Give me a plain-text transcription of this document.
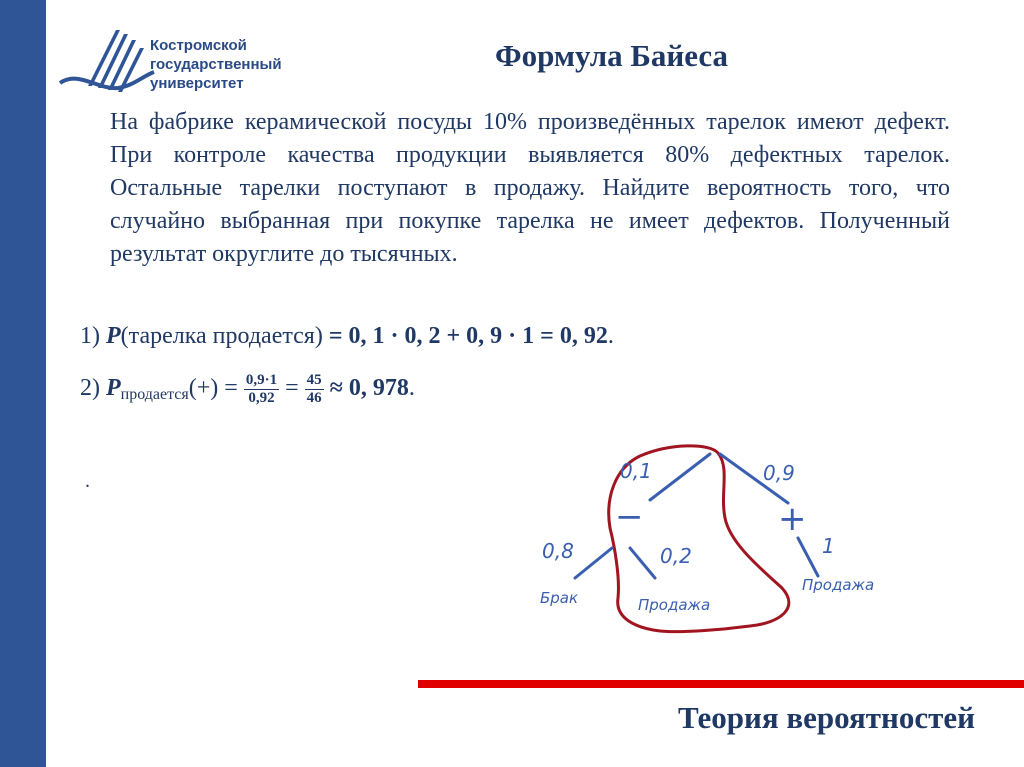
Костромской
государственный
университет
Формула Байеса
На фабрике керамической посуды 10% произведённых тарелок имеют дефект. При контроле качества продукции выявляется 80% дефектных тарелок. Остальные тарелки поступают в продажу. Найдите вероятность того, что случайно выбранная при покупке тарелка не имеет дефектов. Полученный результат округлите до тысячных.
1) P(тарелка продается) = 0, 1 · 0, 2 + 0, 9 · 1 = 0, 92.
2) $P_{продается}(+) = \frac{0,9\cdot 1}{0,92} = \frac{45}{46} \approx 0$, 978.
.	0,1	0,9
−	+
0,8	0,2	1
Брак	Продажа
Продажа
Теория вероятностей
